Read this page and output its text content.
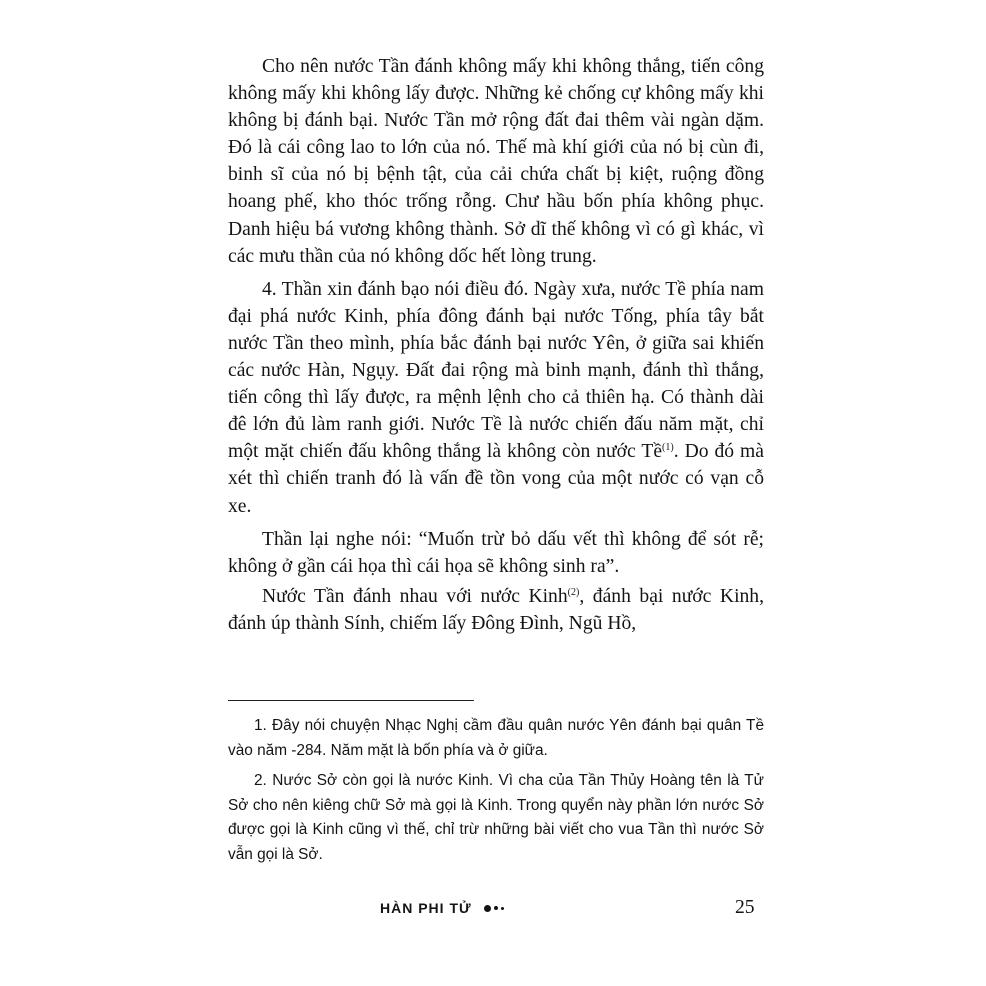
Cho nên nước Tần đánh không mấy khi không thắng, tiến công không mấy khi không lấy được. Những kẻ chống cự không mấy khi không bị đánh bại. Nước Tần mở rộng đất đai thêm vài ngàn dặm. Đó là cái công lao to lớn của nó. Thế mà khí giới của nó bị cùn đi, binh sĩ của nó bị bệnh tật, của cải chứa chất bị kiệt, ruộng đồng hoang phế, kho thóc trống rỗng. Chư hầu bốn phía không phục. Danh hiệu bá vương không thành. Sở dĩ thế không vì có gì khác, vì các mưu thần của nó không dốc hết lòng trung.

4. Thần xin đánh bạo nói điều đó. Ngày xưa, nước Tề phía nam đại phá nước Kinh, phía đông đánh bại nước Tống, phía tây bắt nước Tần theo mình, phía bắc đánh bại nước Yên, ở giữa sai khiến các nước Hàn, Ngụy. Đất đai rộng mà binh mạnh, đánh thì thắng, tiến công thì lấy được, ra mệnh lệnh cho cả thiên hạ. Có thành dài đê lớn đủ làm ranh giới. Nước Tề là nước chiến đấu năm mặt, chỉ một mặt chiến đấu không thắng là không còn nước Tề$^{(1)}$. Do đó mà xét thì chiến tranh đó là vấn đề tồn vong của một nước có vạn cỗ xe.

Thần lại nghe nói: “Muốn trừ bỏ dấu vết thì không để sót rễ; không ở gần cái họa thì cái họa sẽ không sinh ra”.

Nước Tần đánh nhau với nước Kinh$^{(2)}$, đánh bại nước Kinh, đánh úp thành Sính, chiếm lấy Đông Đình, Ngũ Hồ,

1. Đây nói chuyện Nhạc Nghị cầm đầu quân nước Yên đánh bại quân Tề vào năm -284. Năm mặt là bốn phía và ở giữa.

2. Nước Sở còn gọi là nước Kinh. Vì cha của Tần Thủy Hoàng tên là Tử Sở cho nên kiêng chữ Sở mà gọi là Kinh. Trong quyển này phần lớn nước Sở được gọi là Kinh cũng vì thế, chỉ trừ những bài viết cho vua Tần thì nước Sở vẫn gọi là Sở.

HÀN PHI TỬ	25
